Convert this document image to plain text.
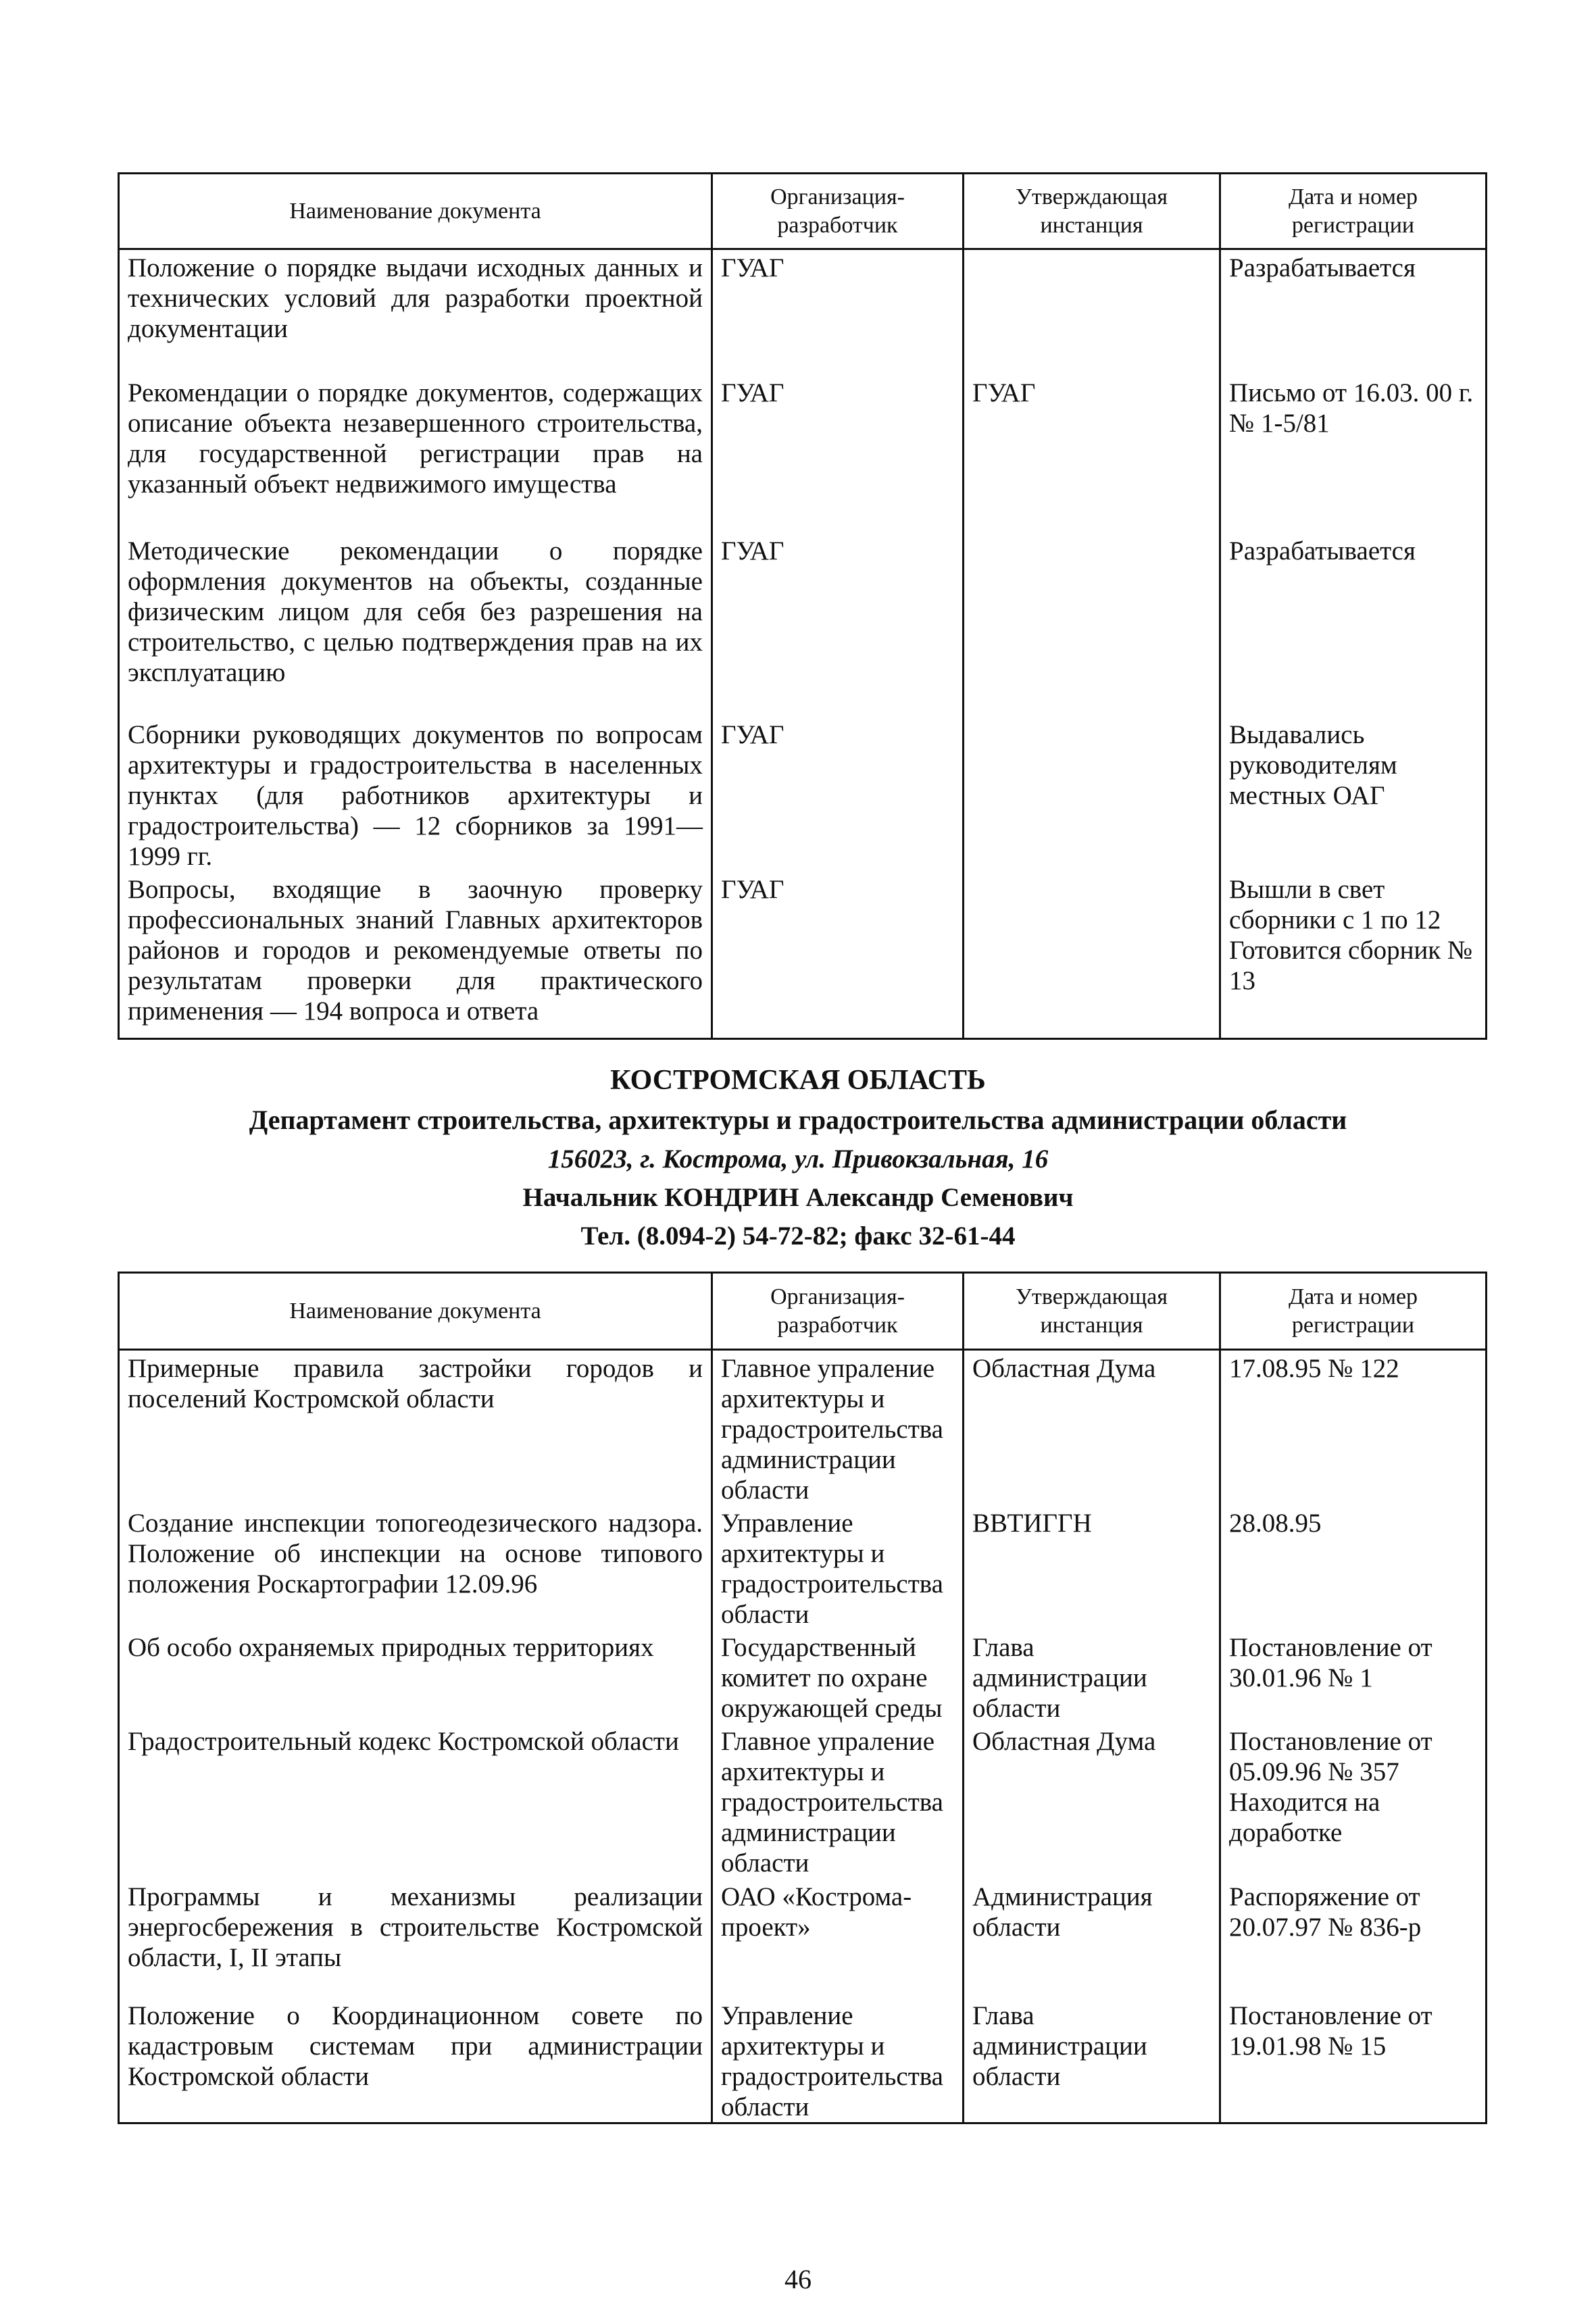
Наименование документа	Организация-разработчик	Утверждающая инстанция	Дата и номер регистрации
Положение о порядке выдачи исходных данных и технических условий для разработки проектной документации	ГУАГ		Разрабатывается
Рекомендации о порядке документов, содержащих описание объекта незавершенного строительства, для государственной регистрации прав на указанный объект недвижимого имущества	ГУАГ	ГУАГ	Письмо от 16.03. 00 г. № 1-5/81
Методические рекомендации о порядке оформления документов на объекты, созданные физическим лицом для себя без разрешения на строительство, с целью подтверждения прав на их эксплуатацию	ГУАГ		Разрабатывается
Сборники руководящих документов по вопросам архитектуры и градостроительства в населенных пунктах (для работников архитектуры и градостроительства) — 12 сборников за 1991—1999 гг.	ГУАГ		Выдавались руководителям местных ОАГ
Вопросы, входящие в заочную проверку профессиональных знаний Главных архитекторов районов и городов и рекомендуемые ответы по результатам проверки для практического применения — 194 вопроса и ответа	ГУАГ		Вышли в свет сборники с 1 по 12 Готовится сборник № 13
КОСТРОМСКАЯ ОБЛАСТЬ
Департамент строительства, архитектуры и градостроительства администрации области
156023, г. Кострома, ул. Привокзальная, 16
Начальник КОНДРИН Александр Семенович
Тел. (8.094-2) 54-72-82; факс 32-61-44
Наименование документа	Организация-разработчик	Утверждающая инстанция	Дата и номер регистрации
Примерные правила застройки городов и поселений Костромской области	Главное упраление архитектуры и градостроительства администрации области	Областная Дума	17.08.95 № 122
Создание инспекции топогеодезического надзора. Положение об инспекции на основе типового положения Роскартографии 12.09.96	Управление архитектуры и градостроительства области	ВВТИГГН	28.08.95
Об особо охраняемых природных территориях	Государственный комитет по охране окружающей среды	Глава администрации области	Постановление от 30.01.96 № 1
Градостроительный кодекс Костромской области	Главное упраление архитектуры и градостроительства администрации области	Областная Дума	Постановление от 05.09.96 № 357 Находится на доработке
Программы и механизмы реализации энергосбережения в строительстве Костромской области, I, II этапы	ОАО «Кострома-проект»	Администрация области	Распоряжение от 20.07.97 № 836-р
Положение о Координационном совете по кадастровым системам при администрации Костромской области	Управление архитектуры и градостроительства области	Глава администрации области	Постановление от 19.01.98 № 15
46
